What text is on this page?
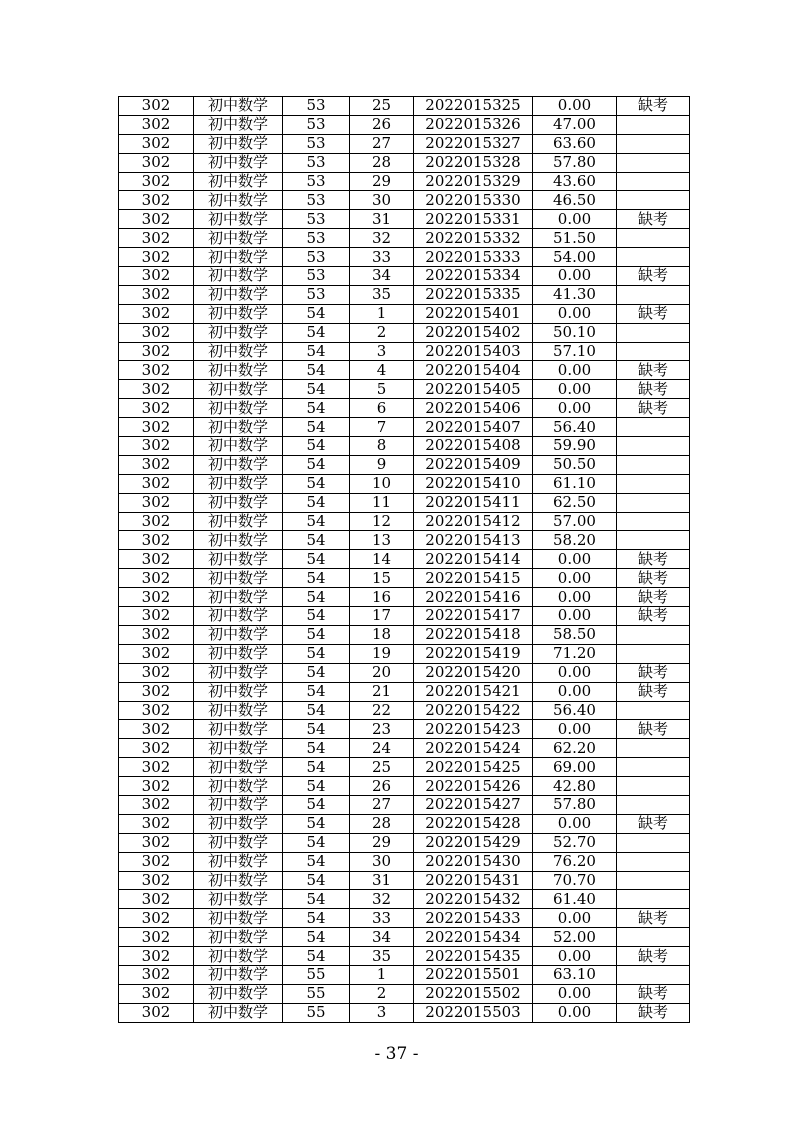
302	初中数学	53	25	2022015325	0.00	缺考
302	初中数学	53	26	2022015326	47.00	
302	初中数学	53	27	2022015327	63.60	
302	初中数学	53	28	2022015328	57.80	
302	初中数学	53	29	2022015329	43.60	
302	初中数学	53	30	2022015330	46.50	
302	初中数学	53	31	2022015331	0.00	缺考
302	初中数学	53	32	2022015332	51.50	
302	初中数学	53	33	2022015333	54.00	
302	初中数学	53	34	2022015334	0.00	缺考
302	初中数学	53	35	2022015335	41.30	
302	初中数学	54	1	2022015401	0.00	缺考
302	初中数学	54	2	2022015402	50.10	
302	初中数学	54	3	2022015403	57.10	
302	初中数学	54	4	2022015404	0.00	缺考
302	初中数学	54	5	2022015405	0.00	缺考
302	初中数学	54	6	2022015406	0.00	缺考
302	初中数学	54	7	2022015407	56.40	
302	初中数学	54	8	2022015408	59.90	
302	初中数学	54	9	2022015409	50.50	
302	初中数学	54	10	2022015410	61.10	
302	初中数学	54	11	2022015411	62.50	
302	初中数学	54	12	2022015412	57.00	
302	初中数学	54	13	2022015413	58.20	
302	初中数学	54	14	2022015414	0.00	缺考
302	初中数学	54	15	2022015415	0.00	缺考
302	初中数学	54	16	2022015416	0.00	缺考
302	初中数学	54	17	2022015417	0.00	缺考
302	初中数学	54	18	2022015418	58.50	
302	初中数学	54	19	2022015419	71.20	
302	初中数学	54	20	2022015420	0.00	缺考
302	初中数学	54	21	2022015421	0.00	缺考
302	初中数学	54	22	2022015422	56.40	
302	初中数学	54	23	2022015423	0.00	缺考
302	初中数学	54	24	2022015424	62.20	
302	初中数学	54	25	2022015425	69.00	
302	初中数学	54	26	2022015426	42.80	
302	初中数学	54	27	2022015427	57.80	
302	初中数学	54	28	2022015428	0.00	缺考
302	初中数学	54	29	2022015429	52.70	
302	初中数学	54	30	2022015430	76.20	
302	初中数学	54	31	2022015431	70.70	
302	初中数学	54	32	2022015432	61.40	
302	初中数学	54	33	2022015433	0.00	缺考
302	初中数学	54	34	2022015434	52.00	
302	初中数学	54	35	2022015435	0.00	缺考
302	初中数学	55	1	2022015501	63.10	
302	初中数学	55	2	2022015502	0.00	缺考
302	初中数学	55	3	2022015503	0.00	缺考
- 37 -
